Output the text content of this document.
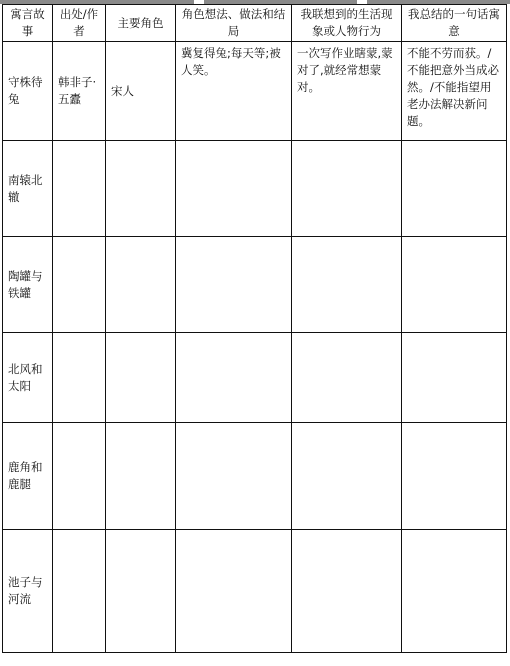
寓言故事	出处/作者	主要角色	角色想法、做法和结局	我联想到的生活现象或人物行为	我总结的一句话寓意
守株待兔	韩非子·五蠹	宋人	冀复得兔;每天等;被人笑。	一次写作业瞎蒙,蒙对了,就经常想蒙对。	不能不劳而获。/不能把意外当成必然。/不能指望用老办法解决新问题。
南辕北辙					
陶罐与铁罐					
北风和太阳					
鹿角和鹿腿					
池子与河流					
